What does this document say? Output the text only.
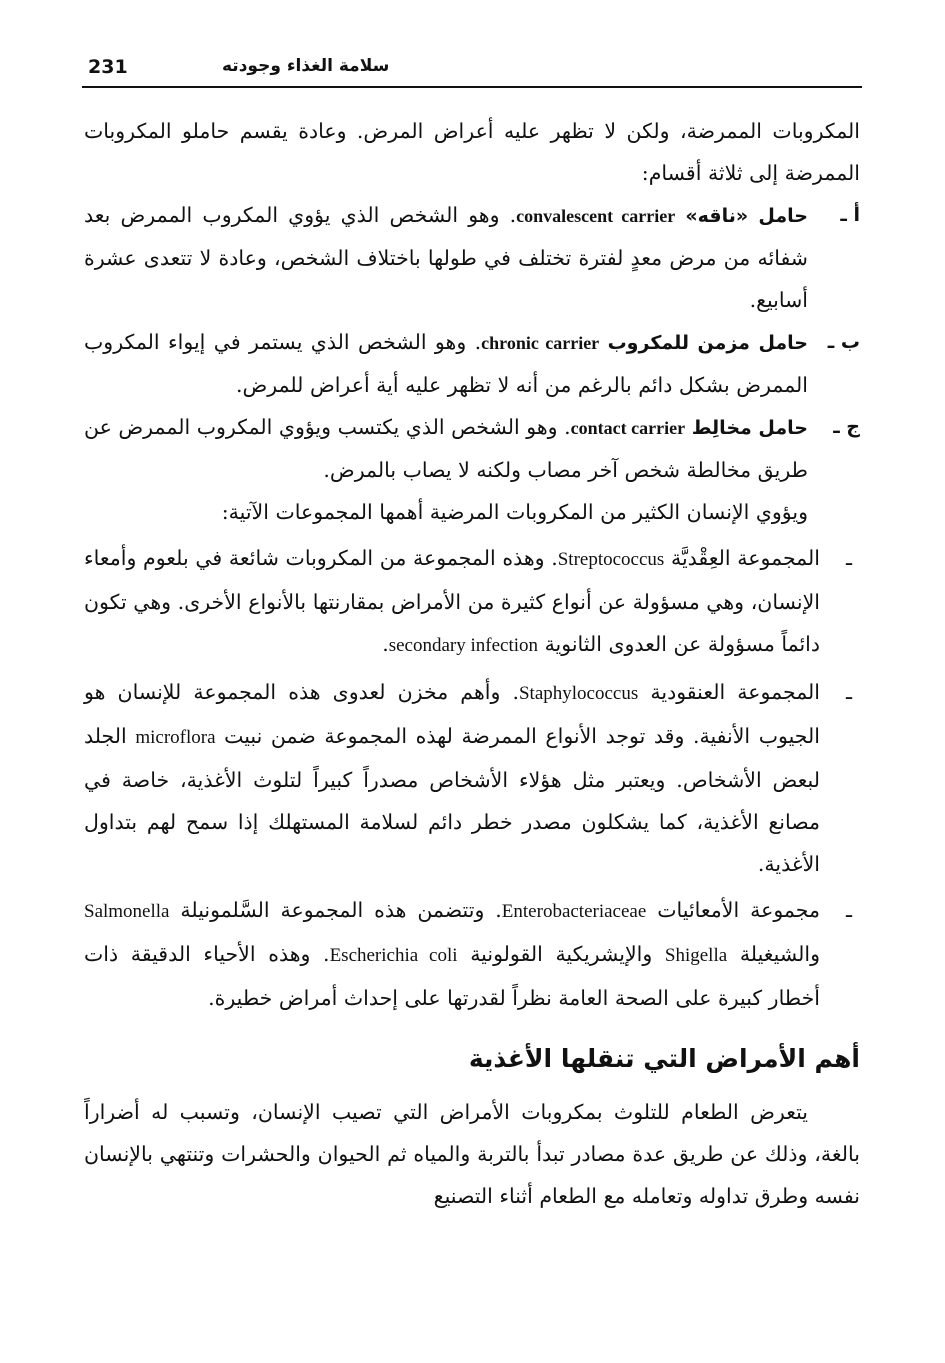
231	سلامة الغذاء وجودته

المكروبات الممرضة، ولكن لا تظهر عليه أعراض المرض. وعادة يقسم حاملو المكروبات الممرضة إلى ثلاثة أقسام:

أ ـ
حامل «ناقه» convalescent carrier. وهو الشخص الذي يؤوي المكروب الممرض بعد شفائه من مرض معدٍ لفترة تختلف في طولها باختلاف الشخص، وعادة لا تتعدى عشرة أسابيع.

ب ـ
حامل مزمن للمكروب chronic carrier. وهو الشخص الذي يستمر في إيواء المكروب الممرض بشكل دائم بالرغم من أنه لا تظهر عليه أية أعراض للمرض.

ج ـ
حامل مخالِط contact carrier. وهو الشخص الذي يكتسب ويؤوي المكروب الممرض عن طريق مخالطة شخص آخر مصاب ولكنه لا يصاب بالمرض.

ويؤوي الإنسان الكثير من المكروبات المرضية أهمها المجموعات الآتية:

ـ
المجموعة العِقْديَّة Streptococcus. وهذه المجموعة من المكروبات شائعة في بلعوم وأمعاء الإنسان، وهي مسؤولة عن أنواع كثيرة من الأمراض بمقارنتها بالأنواع الأخرى. وهي تكون دائماً مسؤولة عن العدوى الثانوية secondary infection.

ـ
المجموعة العنقودية Staphylococcus. وأهم مخزن لعدوى هذه المجموعة للإنسان هو الجيوب الأنفية. وقد توجد الأنواع الممرضة لهذه المجموعة ضمن نبيت microflora الجلد لبعض الأشخاص. ويعتبر مثل هؤلاء الأشخاص مصدراً كبيراً لتلوث الأغذية، خاصة في مصانع الأغذية، كما يشكلون مصدر خطر دائم لسلامة المستهلك إذا سمح لهم بتداول الأغذية.

ـ
مجموعة الأمعائيات Enterobacteriaceae. وتتضمن هذه المجموعة السَّلمونيلة Salmonella والشيغيلة Shigella والإيشريكية القولونية Escherichia coli. وهذه الأحياء الدقيقة ذات أخطار كبيرة على الصحة العامة نظراً لقدرتها على إحداث أمراض خطيرة.

أهم الأمراض التي تنقلها الأغذية

يتعرض الطعام للتلوث بمكروبات الأمراض التي تصيب الإنسان، وتسبب له أضراراً بالغة، وذلك عن طريق عدة مصادر تبدأ بالتربة والمياه ثم الحيوان والحشرات وتنتهي بالإنسان نفسه وطرق تداوله وتعامله مع الطعام أثناء التصنيع
